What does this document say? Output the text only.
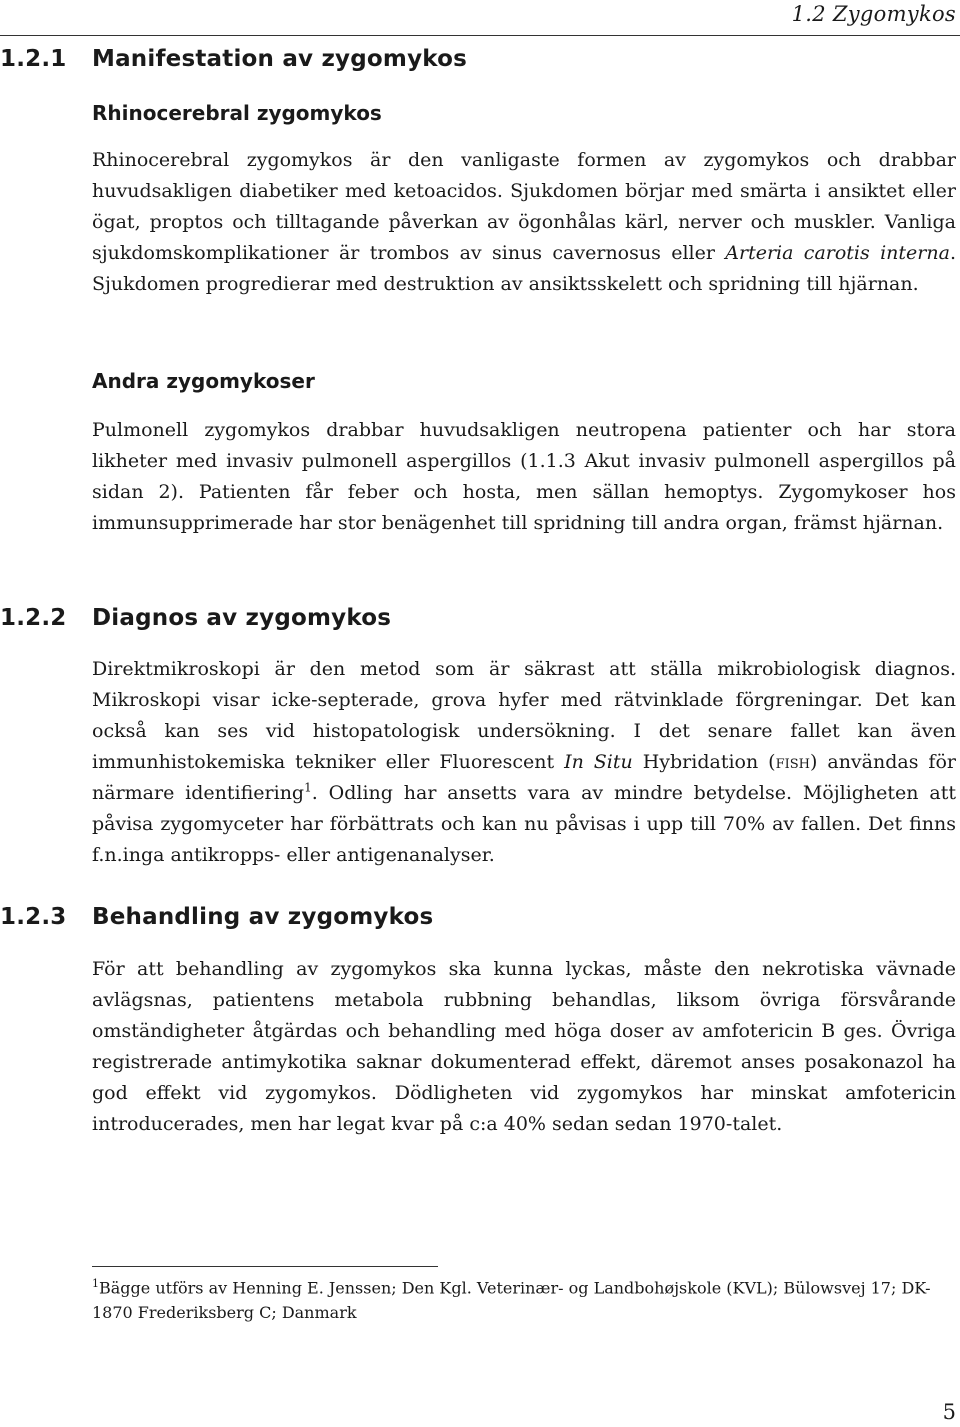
1.2 Zygomykos
1.2.1 Manifestation av zygomykos
Rhinocerebral zygomykos
Rhinocerebral zygomykos är den vanligaste formen av zygomykos och drabbar huvudsakligen diabetiker med ketoacidos. Sjukdomen börjar med smärta i ansiktet eller ögat, proptos och tilltagande påverkan av ögonhålas kärl, nerver och muskler. Vanliga sjukdomskomplikationer är trombos av sinus cavernosus eller Arteria carotis interna. Sjukdomen progredierar med destruktion av ansiktsskelett och spridning till hjärnan.
Andra zygomykoser
Pulmonell zygomykos drabbar huvudsakligen neutropena patienter och har stora likheter med invasiv pulmonell aspergillos (1.1.3 Akut invasiv pulmonell aspergillos på sidan 2). Patienten får feber och hosta, men sällan hemoptys. Zygomykoser hos immunsupprimerade har stor benägenhet till spridning till andra organ, främst hjärnan.
1.2.2 Diagnos av zygomykos
Direktmikroskopi är den metod som är säkrast att ställa mikrobiologisk diagnos. Mikroskopi visar icke-septerade, grova hyfer med rätvinklade förgreningar. Det kan också kan ses vid histopatologisk undersökning. I det senare fallet kan även immunhistokemiska tekniker eller Fluorescent In Situ Hybridation (fish) användas för närmare identifiering$^1$. Odling har ansetts vara av mindre betydelse. Möjligheten att påvisa zygomyceter har förbättrats och kan nu påvisas i upp till 70% av fallen. Det finns f.n.inga antikropps- eller antigenanalyser.
1.2.3 Behandling av zygomykos
För att behandling av zygomykos ska kunna lyckas, måste den nekrotiska vävnade avlägsnas, patientens metabola rubbning behandlas, liksom övriga försvårande omständigheter åtgärdas och behandling med höga doser av amfotericin B ges. Övriga registrerade antimykotika saknar dokumenterad effekt, däremot anses posakonazol ha god effekt vid zygomykos. Dödligheten vid zygomykos har minskat amfotericin introducerades, men har legat kvar på c:a 40% sedan sedan 1970-talet.
$^1$Bägge utförs av Henning E. Jenssen; Den Kgl. Veterinær- og Landbohøjskole (KVL); Bülowsvej 17; DK-1870 Frederiksberg C; Danmark
5
